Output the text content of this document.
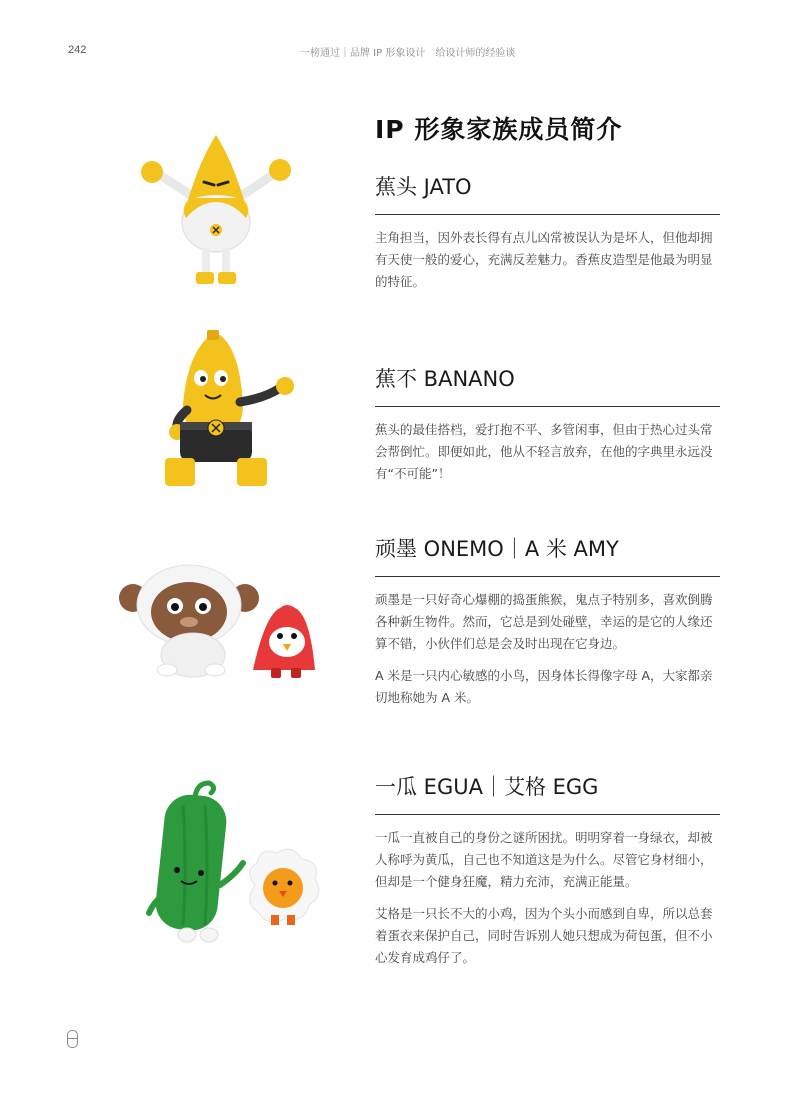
242	一榜通过｜品牌 IP 形象设计　给设计师的经验谈
IP 形象家族成员简介
蕉头 JATO

主角担当，因外表长得有点儿凶常被误认为是坏人，但他却拥有天使一般的爱心，充满反差魅力。香蕉皮造型是他最为明显的特征。

蕉不 BANANO

蕉头的最佳搭档，爱打抱不平、多管闲事，但由于热心过头常会帮倒忙。即便如此，他从不轻言放弃，在他的字典里永远没有“不可能”！

顽墨 ONEMO｜A 米 AMY

顽墨是一只好奇心爆棚的捣蛋熊猴，鬼点子特别多，喜欢倒腾各种新生物件。然而，它总是到处碰壁，幸运的是它的人缘还算不错，小伙伴们总是会及时出现在它身边。

A 米是一只内心敏感的小鸟，因身体长得像字母 A，大家都亲切地称她为 A 米。

一瓜 EGUA｜艾格 EGG

一瓜一直被自己的身份之谜所困扰。明明穿着一身绿衣，却被人称呼为黄瓜，自己也不知道这是为什么。尽管它身材细小，但却是一个健身狂魔，精力充沛，充满正能量。

艾格是一只长不大的小鸡，因为个头小而感到自卑，所以总套着蛋衣来保护自己，同时告诉别人她只想成为荷包蛋，但不小心发育成鸡仔了。
